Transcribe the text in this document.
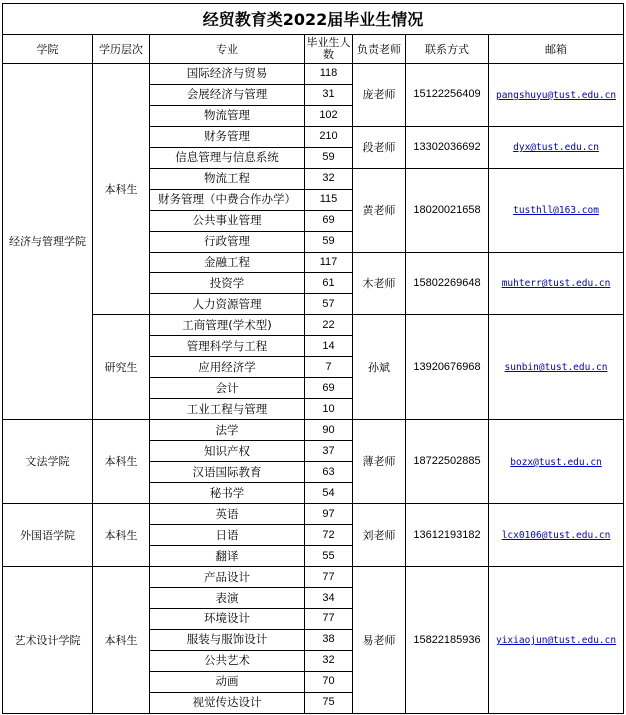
经贸教育类2022届毕业生情况						
学院	学历层次	专业	毕业生人数	负责老师	联系方式	邮箱
经济与管理学院	本科生	国际经济与贸易	118	庞老师	15122256409	pangshuyu@tust.edu.cn
		会展经济与管理	31			
		物流管理	102			
		财务管理	210	段老师	13302036692	dyx@tust.edu.cn
		信息管理与信息系统	59			
		物流工程	32	黄老师	18020021658	tusthll@163.com
		财务管理（中费合作办学）	115			
		公共事业管理	69			
		行政管理	59			
		金融工程	117	木老师	15802269648	muhterr@tust.edu.cn
		投资学	61			
		人力资源管理	57			
	研究生	工商管理(学术型)	22	孙斌	13920676968	sunbin@tust.edu.cn
		管理科学与工程	14			
		应用经济学	7			
		会计	69			
		工业工程与管理	10			
文法学院	本科生	法学	90	薄老师	18722502885	bozx@tust.edu.cn
		知识产权	37			
		汉语国际教育	63			
		秘书学	54			
外国语学院	本科生	英语	97	刘老师	13612193182	lcx0106@tust.edu.cn
		日语	72			
		翻译	55			
艺术设计学院	本科生	产品设计	77	易老师	15822185936	yixiaojun@tust.edu.cn
		表演	34			
		环境设计	77			
		服装与服饰设计	38			
		公共艺术	32			
		动画	70			
		视觉传达设计	75			
